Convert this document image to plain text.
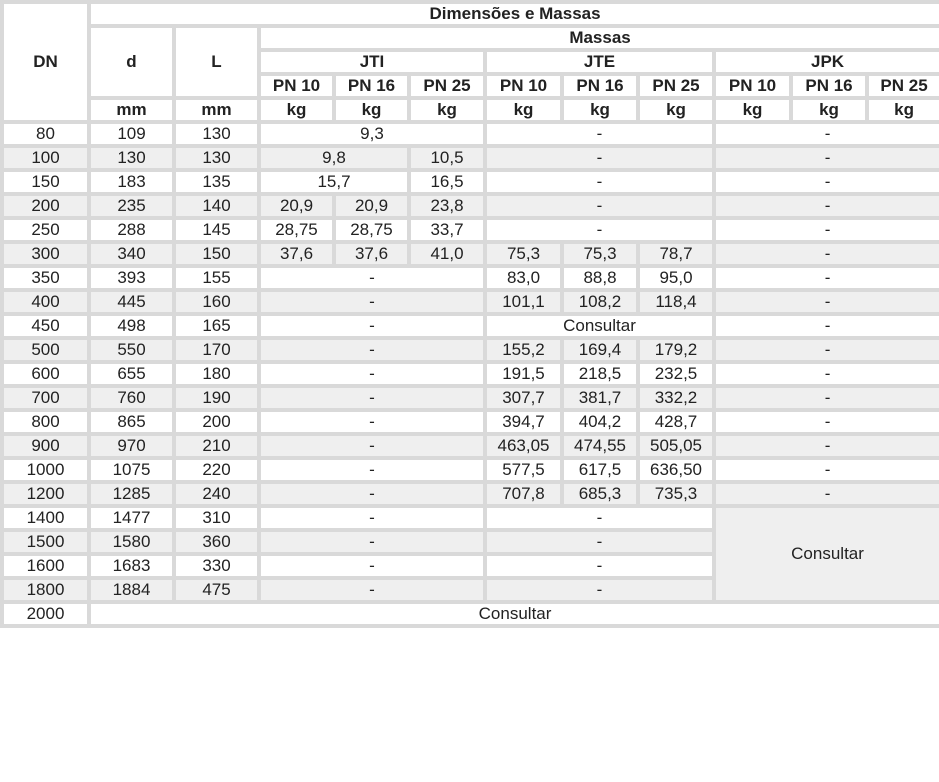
DN	Dimensões e Massas										
	d	L	Massas								
			JTI			JTE			JPK		
			PN 10	PN 16	PN 25	PN 10	PN 16	PN 25	PN 10	PN 16	PN 25
	mm	mm	kg	kg	kg	kg	kg	kg	kg	kg	kg
80	109	130	9,3			-			-		
100	130	130	9,8		10,5	-			-		
150	183	135	15,7		16,5	-			-		
200	235	140	20,9	20,9	23,8	-			-		
250	288	145	28,75	28,75	33,7	-			-		
300	340	150	37,6	37,6	41,0	75,3	75,3	78,7	-		
350	393	155	-			83,0	88,8	95,0	-		
400	445	160	-			101,1	108,2	118,4	-		
450	498	165	-			Consultar			-		
500	550	170	-			155,2	169,4	179,2	-		
600	655	180	-			191,5	218,5	232,5	-		
700	760	190	-			307,7	381,7	332,2	-		
800	865	200	-			394,7	404,2	428,7	-		
900	970	210	-			463,05	474,55	505,05	-		
1000	1075	220	-			577,5	617,5	636,50	-		
1200	1285	240	-			707,8	685,3	735,3	-		
1400	1477	310	-			-			Consultar		
1500	1580	360	-			-					
1600	1683	330	-			-					
1800	1884	475	-			-					
2000	Consultar										
